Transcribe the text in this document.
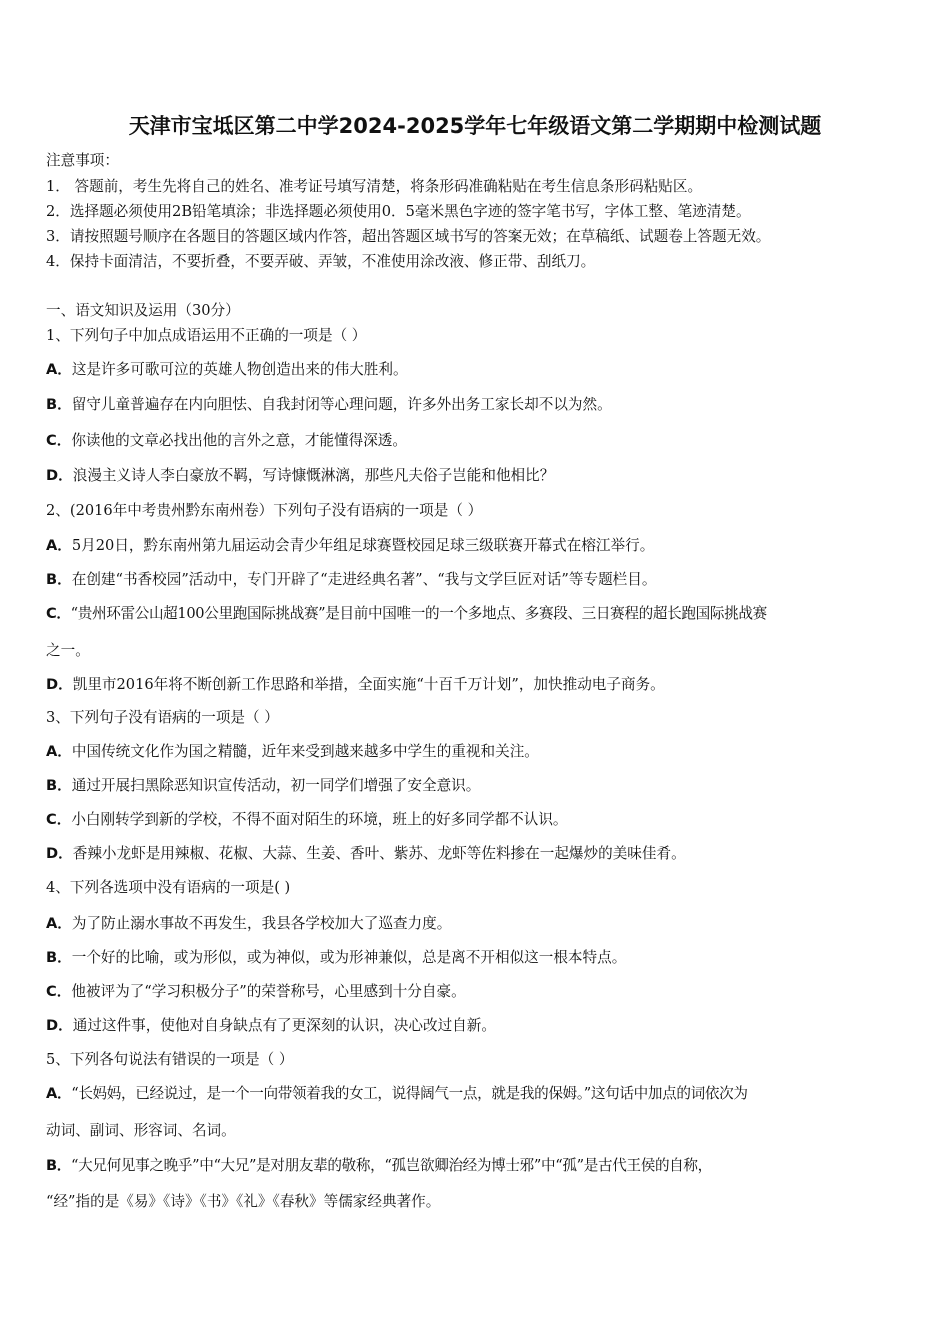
天津市宝坻区第二中学2024-2025学年七年级语文第二学期期中检测试题
注意事项：
1． 答题前，考生先将自己的姓名、准考证号填写清楚，将条形码准确粘贴在考生信息条形码粘贴区。
2．选择题必须使用2B铅笔填涂；非选择题必须使用0．5毫米黑色字迹的签字笔书写，字体工整、笔迹清楚。
3．请按照题号顺序在各题目的答题区域内作答，超出答题区域书写的答案无效；在草稿纸、试题卷上答题无效。
4．保持卡面清洁，不要折叠，不要弄破、弄皱，不准使用涂改液、修正带、刮纸刀。
一、语文知识及运用（30分）
1、下列句子中加点成语运用不正确的一项是（ ）
A．这是许多可歌可泣的英雄人物创造出来的伟大胜利。
B．留守儿童普遍存在内向胆怯、自我封闭等心理问题，许多外出务工家长却不以为然。
C．你读他的文章必找出他的言外之意，才能懂得深透。
D．浪漫主义诗人李白豪放不羁，写诗慷慨淋漓，那些凡夫俗子岂能和他相比？
2、(2016年中考贵州黔东南州卷）下列句子没有语病的一项是（ ）
A．5月20日，黔东南州第九届运动会青少年组足球赛暨校园足球三级联赛开幕式在榕江举行。
B．在创建“书香校园”活动中，专门开辟了“走进经典名著”、“我与文学巨匠对话”等专题栏目。
C．“贵州环雷公山超100公里跑国际挑战赛”是目前中国唯一的一个多地点、多赛段、三日赛程的超长跑国际挑战赛
之一。
D．凯里市2016年将不断创新工作思路和举措，全面实施“十百千万计划”，加快推动电子商务。
3、下列句子没有语病的一项是（ ）
A．中国传统文化作为国之精髓，近年来受到越来越多中学生的重视和关注。
B．通过开展扫黑除恶知识宣传活动，初一同学们增强了安全意识。
C．小白刚转学到新的学校，不得不面对陌生的环境，班上的好多同学都不认识。
D．香辣小龙虾是用辣椒、花椒、大蒜、生姜、香叶、紫苏、龙虾等佐料掺在一起爆炒的美味佳肴。
4、下列各选项中没有语病的一项是( )
A．为了防止溺水事故不再发生，我县各学校加大了巡查力度。
B．一个好的比喻，或为形似，或为神似，或为形神兼似，总是离不开相似这一根本特点。
C．他被评为了“学习积极分子”的荣誉称号，心里感到十分自豪。
D．通过这件事，使他对自身缺点有了更深刻的认识，决心改过自新。
5、下列各句说法有错误的一项是（ ）
A．“长妈妈，已经说过，是一个一向带领着我的女工，说得阔气一点，就是我的保姆。”这句话中加点的词依次为
动词、副词、形容词、名词。
B．“大兄何见事之晚乎”中“大兄”是对朋友辈的敬称，“孤岂欲卿治经为博士邪”中“孤”是古代王侯的自称，
“经”指的是《易》《诗》《书》《礼》《春秋》等儒家经典著作。
